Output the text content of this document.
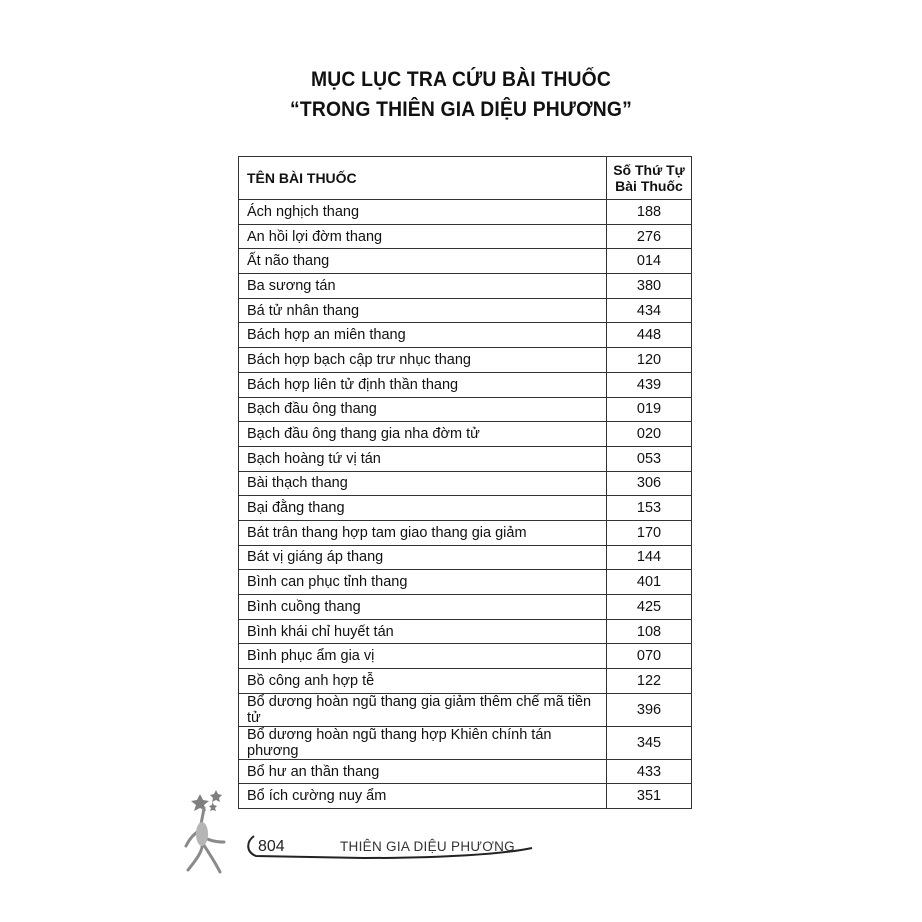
MỤC LỤC TRA CỨU BÀI THUỐC
“TRONG THIÊN GIA DIỆU PHƯƠNG”
TÊN BÀI THUỐC	Số Thứ Tự
Bài Thuốc

Ách nghịch thang	188
An hồi lợi đờm thang	276
Ất não thang	014
Ba sương tán	380
Bá tử nhân thang	434
Bách hợp an miên thang	448
Bách hợp bạch cập trư nhục thang	120
Bách hợp liên tử định thần thang	439
Bạch đầu ông thang	019
Bạch đầu ông thang gia nha đờm tử	020
Bạch hoàng tứ vị tán	053
Bài thạch thang	306
Bại đằng thang	153
Bát trân thang hợp tam giao thang gia giảm	170
Bát vị giáng áp thang	144
Bình can phục tỉnh thang	401
Bình cuồng thang	425
Bình khái chỉ huyết tán	108
Bình phục ẩm gia vị	070
Bồ công anh hợp tễ	122
Bổ dương hoàn ngũ thang gia giảm thêm chế mã tiền tử	396
Bổ dương hoàn ngũ thang hợp Khiên chính tán phương	345
Bổ hư an thần thang	433
Bổ ích cường nuy ẩm	351
804	THIÊN GIA DIỆU PHƯƠNG
